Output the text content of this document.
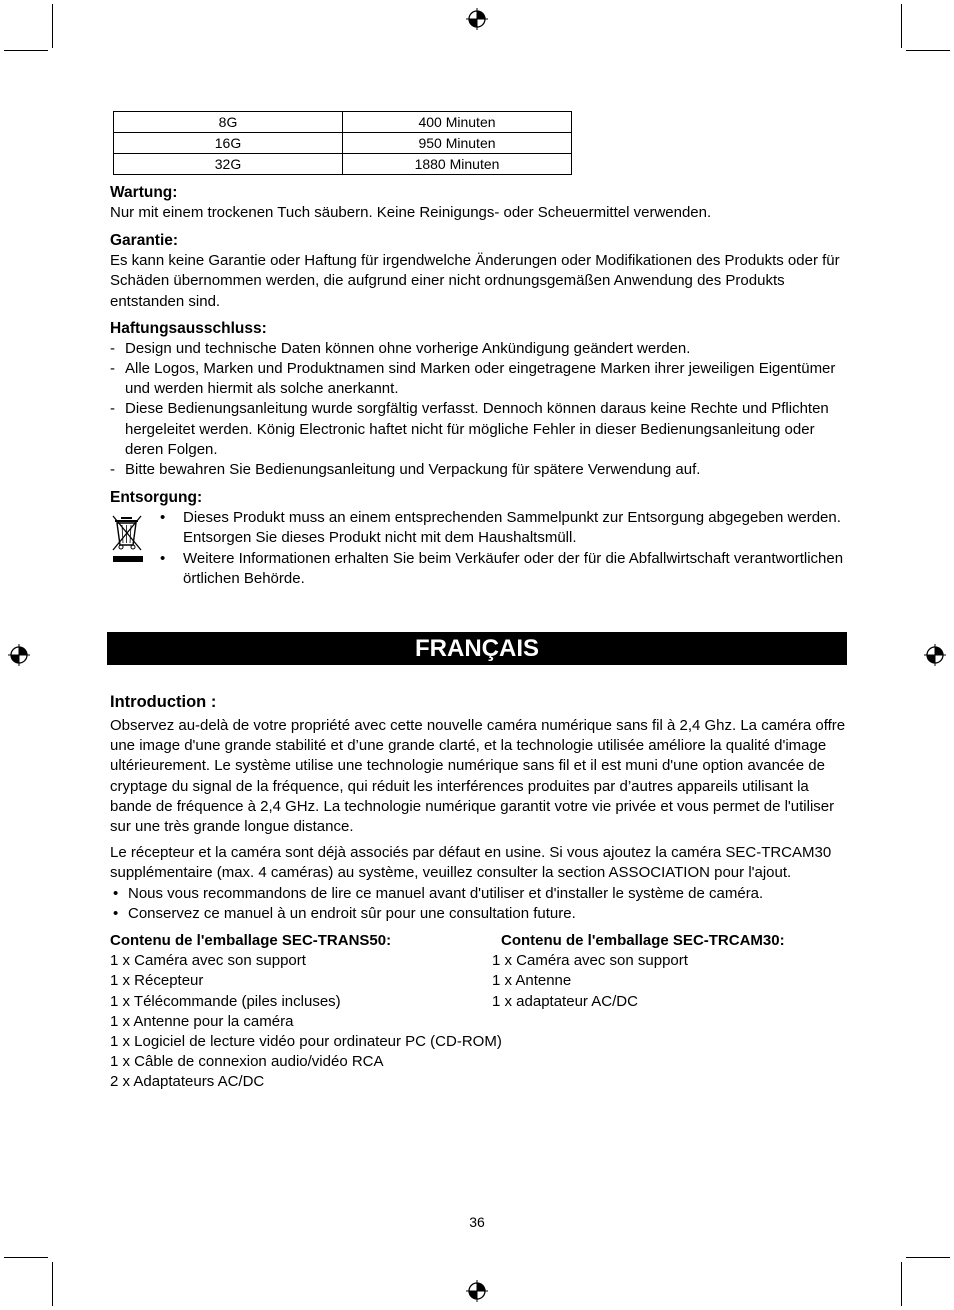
8G	400 Minuten
16G	950 Minuten
32G	1880 Minuten
Wartung:

Nur mit einem trockenen Tuch säubern. Keine Reinigungs- oder Scheuermittel verwenden.

Garantie:

Es kann keine Garantie oder Haftung für irgendwelche Änderungen oder Modifikationen des Produkts oder für Schäden übernommen werden, die aufgrund einer nicht ordnungsgemäßen Anwendung des Produkts entstanden sind.

Haftungsausschluss:
- Design und technische Daten können ohne vorherige Ankündigung geändert werden.
- Alle Logos, Marken und Produktnamen sind Marken oder eingetragene Marken ihrer jeweiligen Eigentümer und werden hiermit als solche anerkannt.
- Diese Bedienungsanleitung wurde sorgfältig verfasst. Dennoch können daraus keine Rechte und Pflichten hergeleitet werden. König Electronic haftet nicht für mögliche Fehler in dieser Bedienungsanleitung oder deren Folgen.
- Bitte bewahren Sie Bedienungsanleitung und Verpackung für spätere Verwendung auf.
Entsorgung:
• Dieses Produkt muss an einem entsprechenden Sammelpunkt zur Entsorgung abgegeben werden. Entsorgen Sie dieses Produkt nicht mit dem Haushaltsmüll.
• Weitere Informationen erhalten Sie beim Verkäufer oder der für die Abfallwirtschaft verantwortlichen örtlichen Behörde.
FRANÇAIS
Introduction :

Observez au-delà de votre propriété avec cette nouvelle caméra numérique sans fil à 2,4 Ghz. La caméra offre une image d'une grande stabilité et d’une grande clarté, et la technologie utilisée améliore la qualité d'image ultérieurement. Le système utilise une technologie numérique sans fil et il est muni d'une option avancée de cryptage du signal de la fréquence, qui réduit les interférences produites par d’autres appareils utilisant la bande de fréquence à 2,4 GHz. La technologie numérique garantit votre vie privée et vous permet de l'utiliser sur une très grande longue distance.

Le récepteur et la caméra sont déjà associés par défaut en usine. Si vous ajoutez la caméra SEC-TRCAM30 supplémentaire (max. 4 caméras) au système, veuillez consulter la section ASSOCIATION pour l'ajout.

• Nous vous recommandons de lire ce manuel avant d'utiliser et d'installer le système de caméra.
• Conservez ce manuel à un endroit sûr pour une consultation future.
Contenu de l'emballage SEC-TRANS50:
1 x Caméra avec son support
1 x Récepteur
1 x Télécommande (piles incluses)
1 x Antenne pour la caméra
1 x Logiciel de lecture vidéo pour ordinateur PC (CD-ROM)
1 x Câble de connexion audio/vidéo RCA
2 x Adaptateurs AC/DC
Contenu de l'emballage SEC-TRCAM30:
1 x Caméra avec son support
1 x Antenne
1 x adaptateur AC/DC
36
